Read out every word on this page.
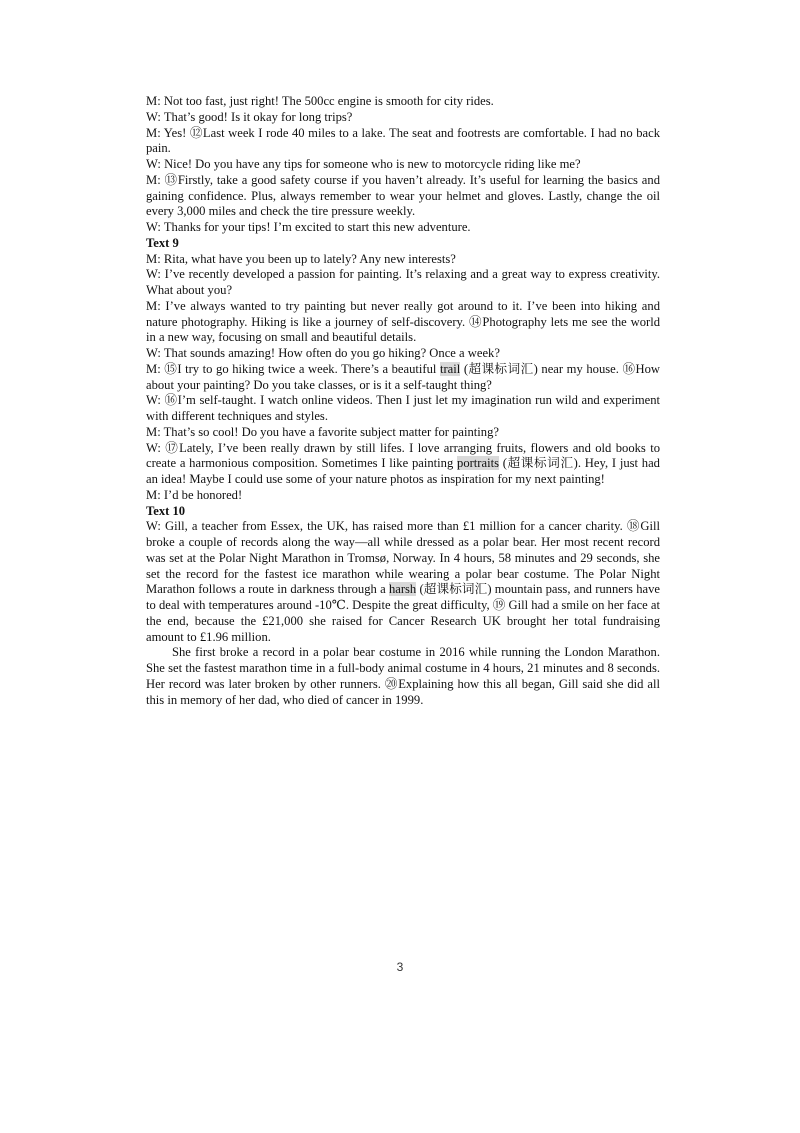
M: Not too fast, just right! The 500cc engine is smooth for city rides.

W: That’s good! Is it okay for long trips?

M: Yes! ⑫Last week I rode 40 miles to a lake. The seat and footrests are comfortable. I had no back pain.

W: Nice! Do you have any tips for someone who is new to motorcycle riding like me?

M: ⑬Firstly, take a good safety course if you haven’t already. It’s useful for learning the basics and gaining confidence. Plus, always remember to wear your helmet and gloves. Lastly, change the oil every 3,000 miles and check the tire pressure weekly.

W: Thanks for your tips! I’m excited to start this new adventure.

Text 9

M: Rita, what have you been up to lately? Any new interests?

W: I’ve recently developed a passion for painting. It’s relaxing and a great way to express creativity. What about you?

M: I’ve always wanted to try painting but never really got around to it. I’ve been into hiking and nature photography. Hiking is like a journey of self-discovery. ⑭Photography lets me see the world in a new way, focusing on small and beautiful details.

W: That sounds amazing! How often do you go hiking? Once a week?

M: ⑮I try to go hiking twice a week. There’s a beautiful trail (超课标词汇) near my house. ⑯How about your painting? Do you take classes, or is it a self-taught thing?

W: ⑯I’m self-taught. I watch online videos. Then I just let my imagination run wild and experiment with different techniques and styles.

M: That’s so cool! Do you have a favorite subject matter for painting?

W: ⑰Lately, I’ve been really drawn by still lifes. I love arranging fruits, flowers and old books to create a harmonious composition. Sometimes I like painting portraits (超课标词汇). Hey, I just had an idea! Maybe I could use some of your nature photos as inspiration for my next painting!

M: I’d be honored!

Text 10

W: Gill, a teacher from Essex, the UK, has raised more than £1 million for a cancer charity. ⑱Gill broke a couple of records along the way—all while dressed as a polar bear. Her most recent record was set at the Polar Night Marathon in Tromsø, Norway. In 4 hours, 58 minutes and 29 seconds, she set the record for the fastest ice marathon while wearing a polar bear costume. The Polar Night Marathon follows a route in darkness through a harsh (超课标词汇) mountain pass, and runners have to deal with temperatures around -10℃. Despite the great difficulty, ⑲ Gill had a smile on her face at the end, because the £21,000 she raised for Cancer Research UK brought her total fundraising amount to £1.96 million.

She first broke a record in a polar bear costume in 2016 while running the London Marathon. She set the fastest marathon time in a full-body animal costume in 4 hours, 21 minutes and 8 seconds. Her record was later broken by other runners. ⑳Explaining how this all began, Gill said she did all this in memory of her dad, who died of cancer in 1999.

3
